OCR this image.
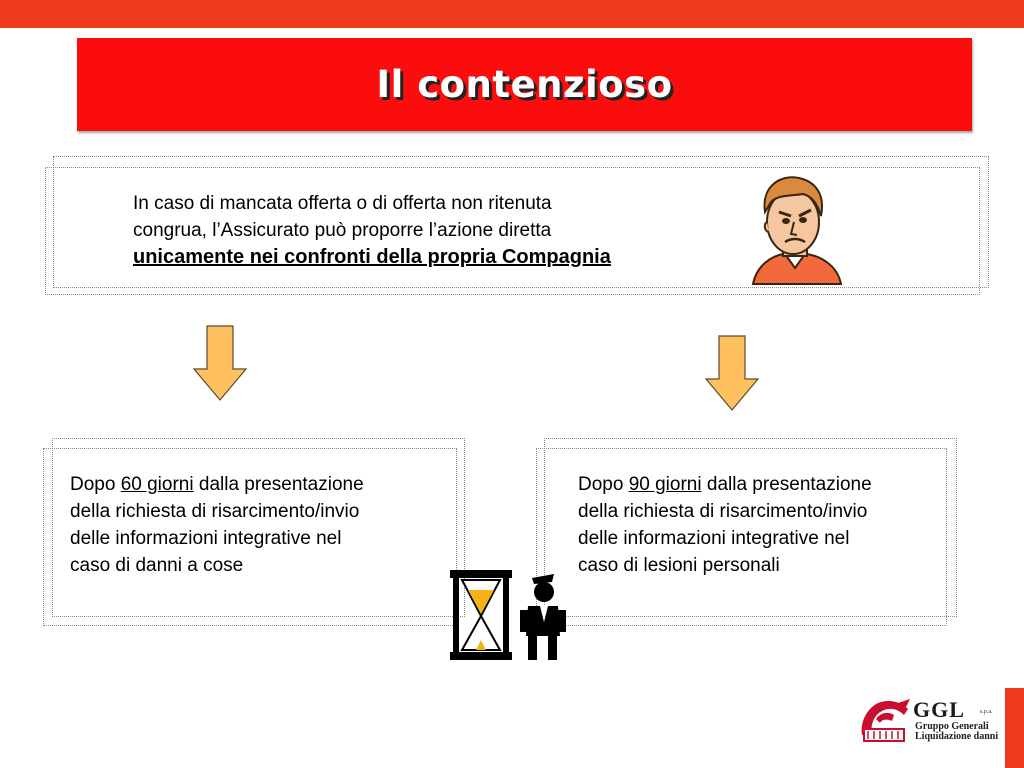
Il contenzioso
In caso di mancata offerta o di offerta non ritenuta
congrua, l’Assicurato può proporre l’azione diretta
unicamente nei confronti della propria Compagnia
Dopo 60 giorni dalla presentazione
della richiesta di risarcimento/invio
delle informazioni integrative nel
caso di danni a cose
Dopo 90 giorni dalla presentazione
della richiesta di risarcimento/invio
delle informazioni integrative nel
caso di lesioni personali
GGL	s.p.a.
Gruppo Generali
Liquidazione danni
